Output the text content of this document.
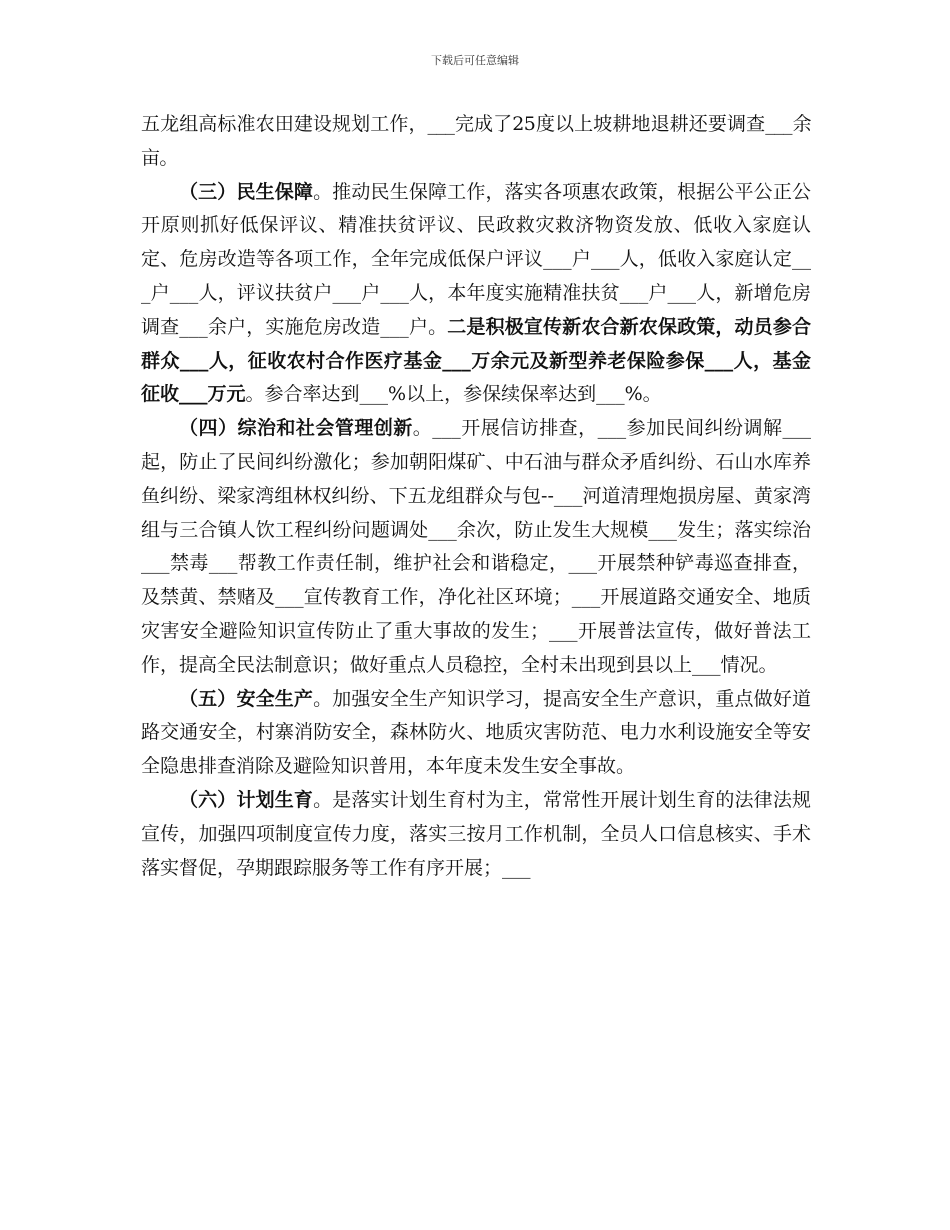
下载后可任意编辑

五龙组高标准农田建设规划工作，___完成了25度以上坡耕地退耕还要调查___余亩。

（三）民生保障。推动民生保障工作，落实各项惠农政策，根据公平公正公开原则抓好低保评议、精准扶贫评议、民政救灾救济物资发放、低收入家庭认定、危房改造等各项工作，全年完成低保户评议___户___人，低收入家庭认定___户___人，评议扶贫户___户___人，本年度实施精准扶贫___户___人，新增危房调查___余户，实施危房改造___户。二是积极宣传新农合新农保政策，动员参合群众___人，征收农村合作医疗基金___万余元及新型养老保险参保___人，基金征收___万元。参合率达到___%以上，参保续保率达到___%。

（四）综治和社会管理创新。___开展信访排查，___参加民间纠纷调解___起，防止了民间纠纷激化；参加朝阳煤矿、中石油与群众矛盾纠纷、石山水库养鱼纠纷、梁家湾组林权纠纷、下五龙组群众与包--___河道清理炮损房屋、黄家湾组与三合镇人饮工程纠纷问题调处___余次，防止发生大规模___发生；落实综治___禁毒___帮教工作责任制，维护社会和谐稳定，___开展禁种铲毒巡查排查，及禁黄、禁赌及___宣传教育工作，净化社区环境；___开展道路交通安全、地质灾害安全避险知识宣传防止了重大事故的发生；___开展普法宣传，做好普法工作，提高全民法制意识；做好重点人员稳控，全村未出现到县以上___情况。

（五）安全生产。加强安全生产知识学习，提高安全生产意识，重点做好道路交通安全，村寨消防安全，森林防火、地质灾害防范、电力水利设施安全等安全隐患排查消除及避险知识普用，本年度未发生安全事故。

（六）计划生育。是落实计划生育村为主，常常性开展计划生育的法律法规宣传，加强四项制度宣传力度，落实三按月工作机制，全员人口信息核实、手术落实督促，孕期跟踪服务等工作有序开展；___
